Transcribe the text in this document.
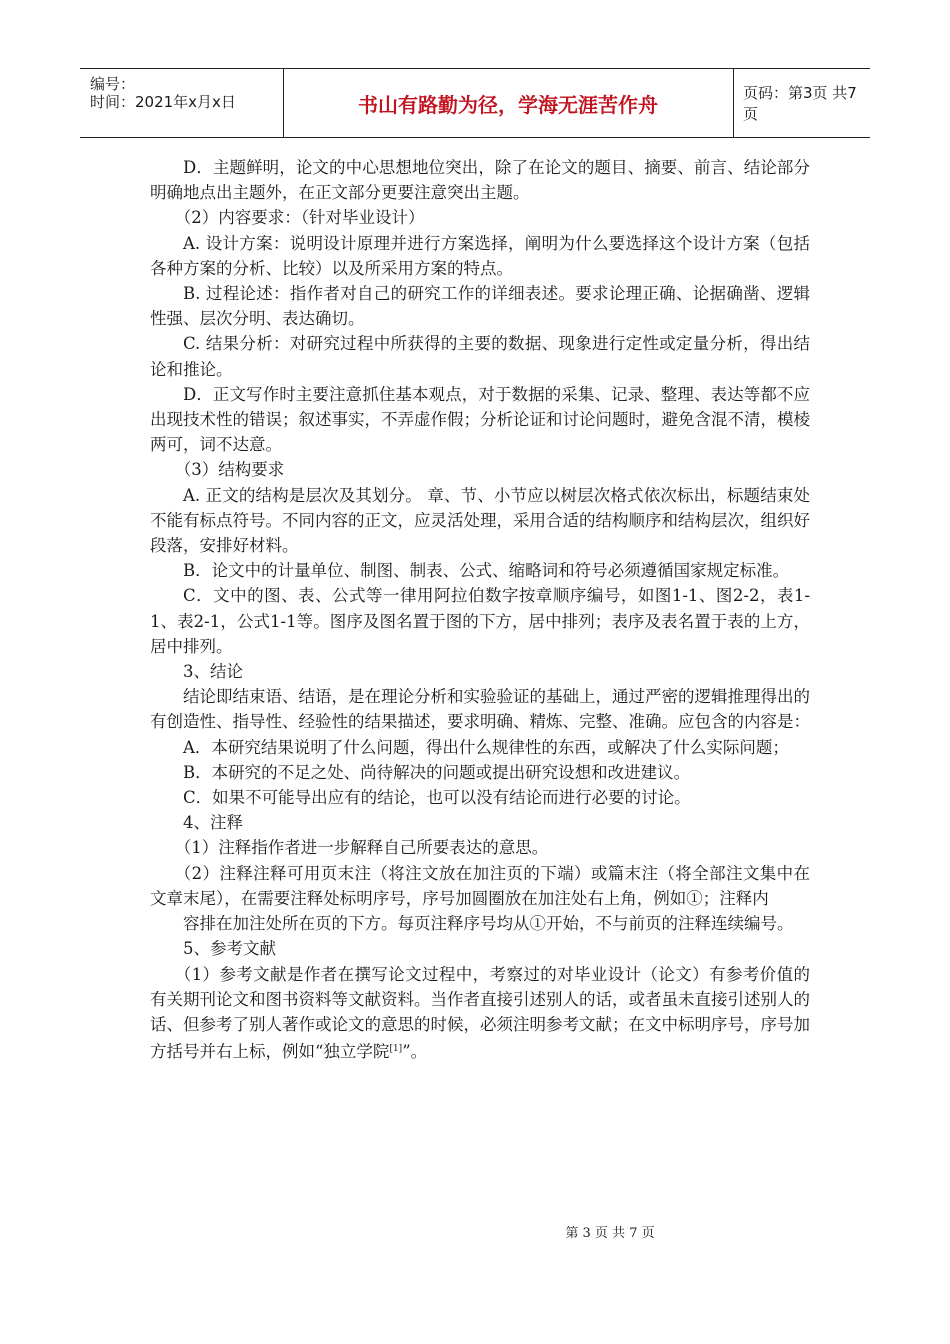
编号：
时间：2021年x月x日	书山有路勤为径，学海无涯苦作舟	页码：第3页 共7页

D．主题鲜明，论文的中心思想地位突出，除了在论文的题目、摘要、前言、结论部分明确地点出主题外，在正文部分更要注意突出主题。

（2）内容要求：（针对毕业设计）

A. 设计方案：说明设计原理并进行方案选择，阐明为什么要选择这个设计方案（包括各种方案的分析、比较）以及所采用方案的特点。

B. 过程论述：指作者对自己的研究工作的详细表述。要求论理正确、论据确凿、逻辑性强、层次分明、表达确切。

C. 结果分析：对研究过程中所获得的主要的数据、现象进行定性或定量分析，得出结论和推论。

D．正文写作时主要注意抓住基本观点，对于数据的采集、记录、整理、表达等都不应出现技术性的错误；叙述事实，不弄虚作假；分析论证和讨论问题时，避免含混不清，模棱两可，词不达意。

（3）结构要求

A. 正文的结构是层次及其划分。 章、节、小节应以树层次格式依次标出，标题结束处不能有标点符号。不同内容的正文，应灵活处理，采用合适的结构顺序和结构层次，组织好段落，安排好材料。

B．论文中的计量单位、制图、制表、公式、缩略词和符号必须遵循国家规定标准。

C．文中的图、表、公式等一律用阿拉伯数字按章顺序编号，如图1-1、图2-2，表1-1、表2-1，公式1-1等。图序及图名置于图的下方，居中排列；表序及表名置于表的上方，居中排列。

3、结论

结论即结束语、结语，是在理论分析和实验验证的基础上，通过严密的逻辑推理得出的有创造性、指导性、经验性的结果描述，要求明确、精炼、完整、准确。应包含的内容是：

A．本研究结果说明了什么问题，得出什么规律性的东西，或解决了什么实际问题；

B．本研究的不足之处、尚待解决的问题或提出研究设想和改进建议。

C．如果不可能导出应有的结论，也可以没有结论而进行必要的讨论。

4、注释

（1）注释指作者进一步解释自己所要表达的意思。

（2）注释注释可用页末注（将注文放在加注页的下端）或篇末注（将全部注文集中在文章末尾），在需要注释处标明序号，序号加圆圈放在加注处右上角，例如①；注释内

容排在加注处所在页的下方。每页注释序号均从①开始，不与前页的注释连续编号。

5、参考文献

（1）参考文献是作者在撰写论文过程中，考察过的对毕业设计（论文）有参考价值的有关期刊论文和图书资料等文献资料。当作者直接引述别人的话，或者虽未直接引述别人的话、但参考了别人著作或论文的意思的时候，必须注明参考文献；在文中标明序号，序号加方括号并右上标，例如“独立学院[1]”。

第 3 页 共 7 页
